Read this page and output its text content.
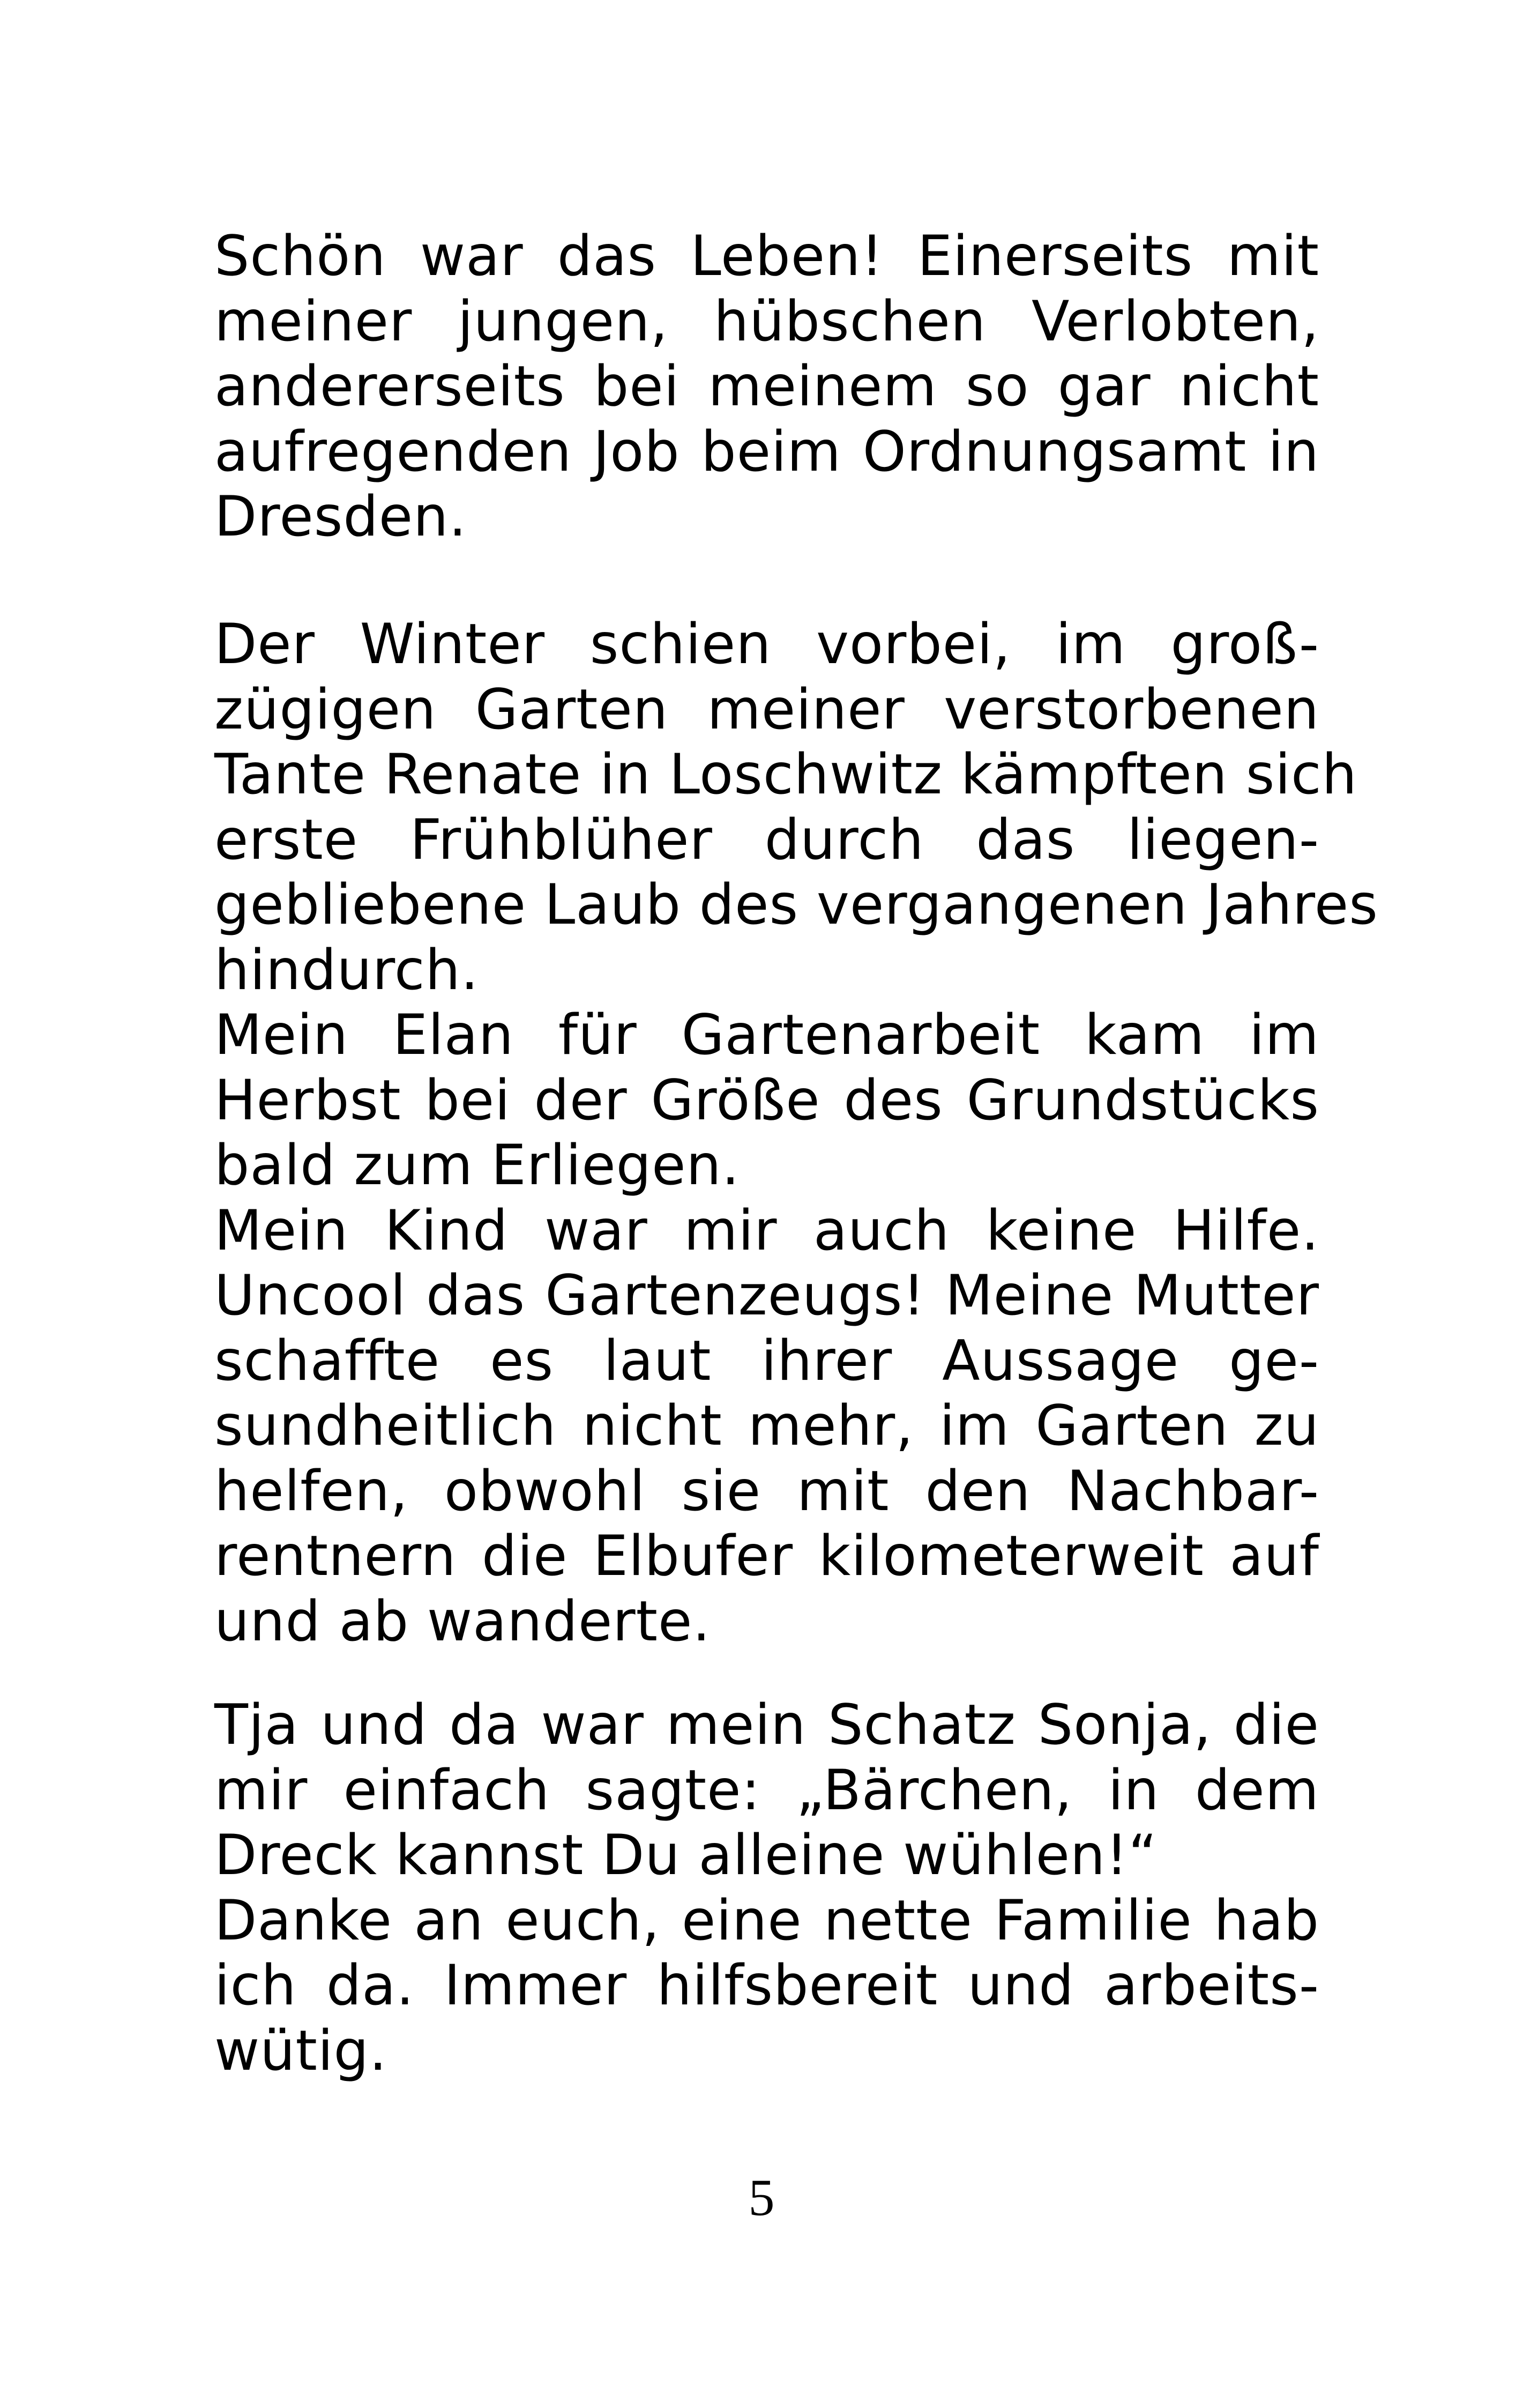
Schön war das Leben! Einerseits mit
meiner jungen, hübschen Verlobten,
andererseits bei meinem so gar nicht
aufregenden Job beim Ordnungsamt in
Dresden.
Der Winter schien vorbei, im groß-
zügigen Garten meiner verstorbenen
Tante Renate in Loschwitz kämpften sich
erste Frühblüher durch das liegen-
gebliebene Laub des vergangenen Jahres
hindurch.
Mein Elan für Gartenarbeit kam im
Herbst bei der Größe des Grundstücks
bald zum Erliegen.
Mein Kind war mir auch keine Hilfe.
Uncool das Gartenzeugs! Meine Mutter
schaffte es laut ihrer Aussage ge-
sundheitlich nicht mehr, im Garten zu
helfen, obwohl sie mit den Nachbar-
rentnern die Elbufer kilometerweit auf
und ab wanderte.
Tja und da war mein Schatz Sonja, die
mir einfach sagte: „Bärchen, in dem
Dreck kannst Du alleine wühlen!“
Danke an euch, eine nette Familie hab
ich da. Immer hilfsbereit und arbeits-
wütig.
5
